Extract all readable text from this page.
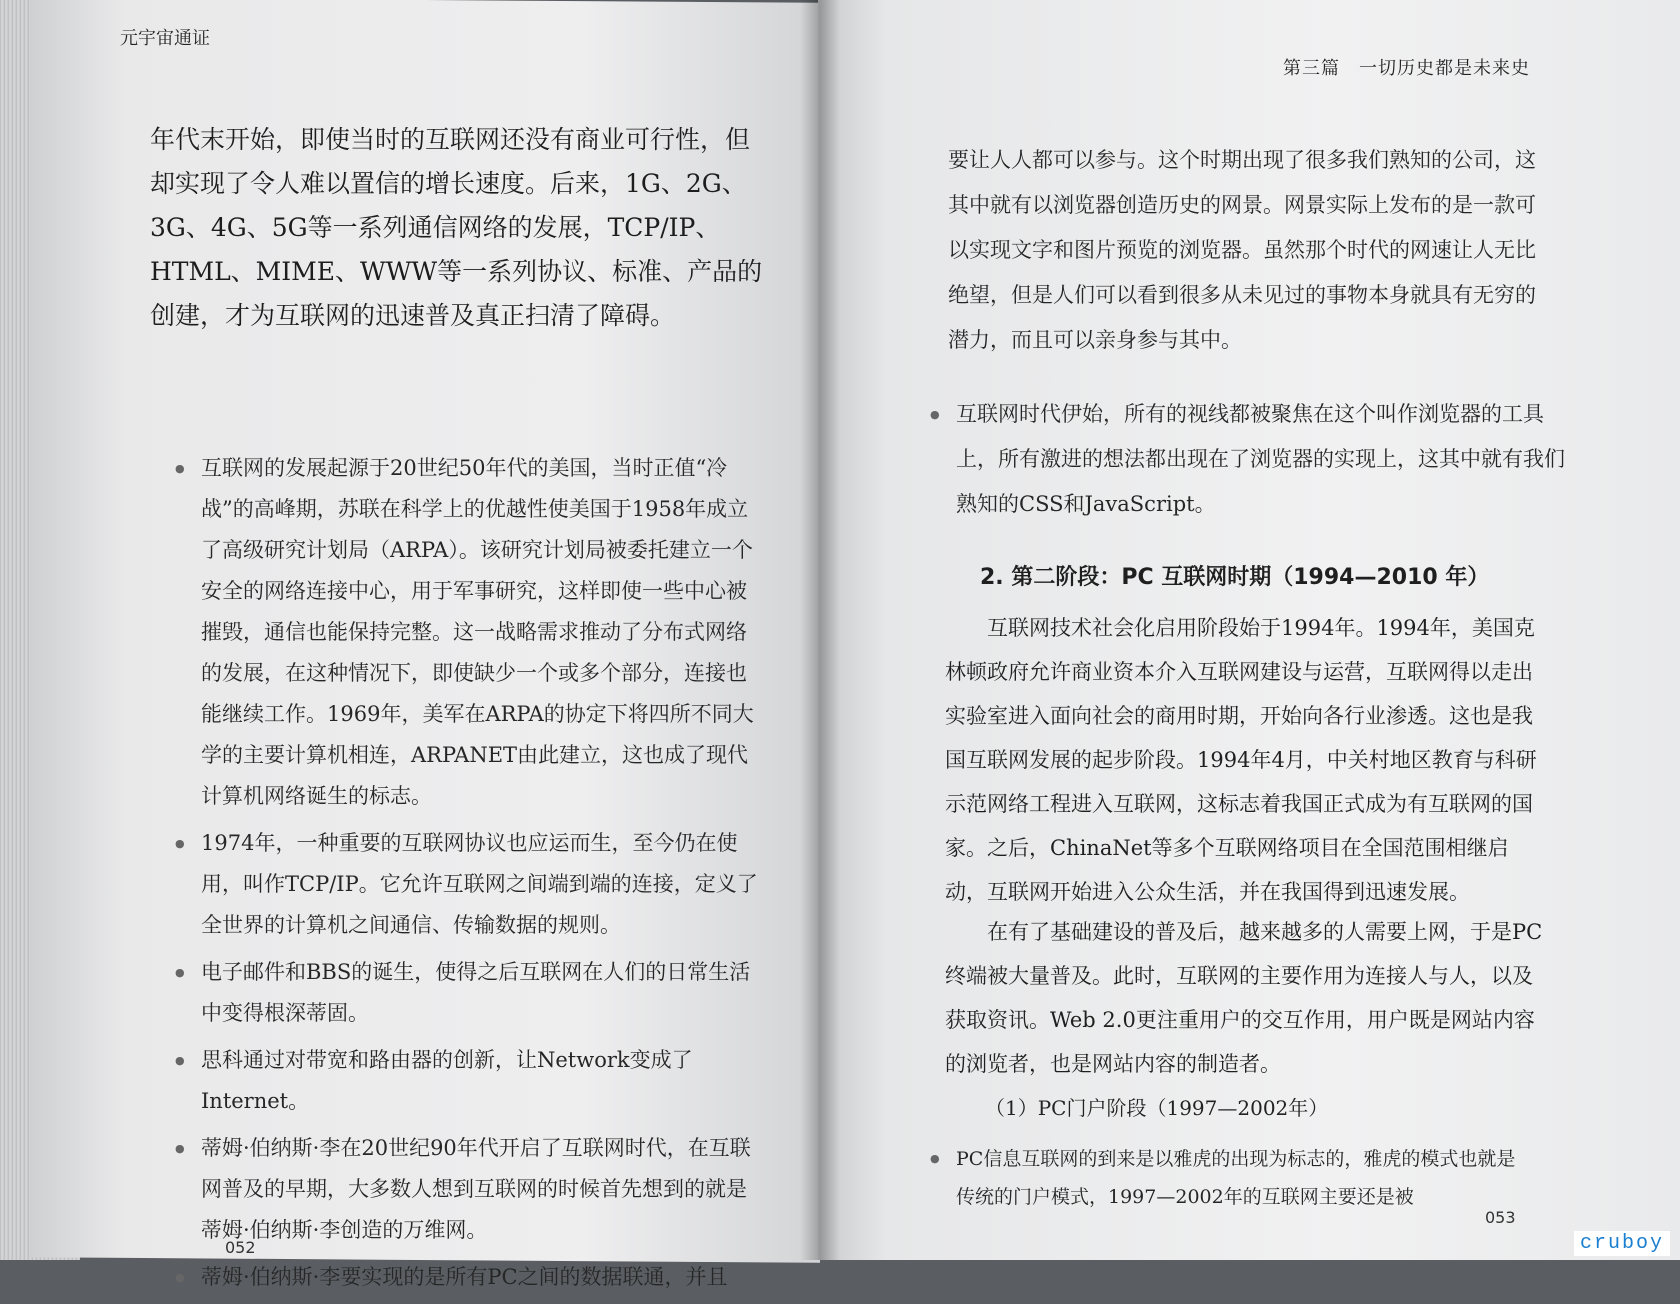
元宇宙通证
第三篇　一切历史都是未来史
年代末开始，即使当时的互联网还没有商业可行性，但却实现了令人难以置信的增长速度。后来，1G、2G、3G、4G、5G等一系列通信网络的发展，TCP/IP、HTML、MIME、WWW等一系列协议、标准、产品的创建，才为互联网的迅速普及真正扫清了障碍。
● 互联网的发展起源于20世纪50年代的美国，当时正值“冷战”的高峰期，苏联在科学上的优越性使美国于1958年成立了高级研究计划局（ARPA）。该研究计划局被委托建立一个安全的网络连接中心，用于军事研究，这样即使一些中心被摧毁，通信也能保持完整。这一战略需求推动了分布式网络的发展，在这种情况下，即使缺少一个或多个部分，连接也能继续工作。1969年，美军在ARPA的协定下将四所不同大学的主要计算机相连，ARPANET由此建立，这也成了现代计算机网络诞生的标志。
● 1974年，一种重要的互联网协议也应运而生，至今仍在使用，叫作TCP/IP。它允许互联网之间端到端的连接，定义了全世界的计算机之间通信、传输数据的规则。
● 电子邮件和BBS的诞生，使得之后互联网在人们的日常生活中变得根深蒂固。
● 思科通过对带宽和路由器的创新，让Network变成了Internet。
● 蒂姆·伯纳斯·李在20世纪90年代开启了互联网时代，在互联网普及的早期，大多数人想到互联网的时候首先想到的就是蒂姆·伯纳斯·李创造的万维网。
● 蒂姆·伯纳斯·李要实现的是所有PC之间的数据联通，并且
要让人人都可以参与。这个时期出现了很多我们熟知的公司，这其中就有以浏览器创造历史的网景。网景实际上发布的是一款可以实现文字和图片预览的浏览器。虽然那个时代的网速让人无比绝望，但是人们可以看到很多从未见过的事物本身就具有无穷的潜力，而且可以亲身参与其中。
● 互联网时代伊始，所有的视线都被聚焦在这个叫作浏览器的工具上，所有激进的想法都出现在了浏览器的实现上，这其中就有我们熟知的CSS和JavaScript。
2. 第二阶段：PC 互联网时期（1994—2010 年）
互联网技术社会化启用阶段始于1994年。1994年，美国克林顿政府允许商业资本介入互联网建设与运营，互联网得以走出实验室进入面向社会的商用时期，开始向各行业渗透。这也是我国互联网发展的起步阶段。1994年4月，中关村地区教育与科研示范网络工程进入互联网，这标志着我国正式成为有互联网的国家。之后，ChinaNet等多个互联网络项目在全国范围相继启动，互联网开始进入公众生活，并在我国得到迅速发展。
在有了基础建设的普及后，越来越多的人需要上网，于是PC终端被大量普及。此时，互联网的主要作用为连接人与人，以及获取资讯。Web 2.0更注重用户的交互作用，用户既是网站内容的浏览者，也是网站内容的制造者。
（1）PC门户阶段（1997—2002年）
● PC信息互联网的到来是以雅虎的出现为标志的，雅虎的模式也就是传统的门户模式，1997—2002年的互联网主要还是被
052
053
cruboy
